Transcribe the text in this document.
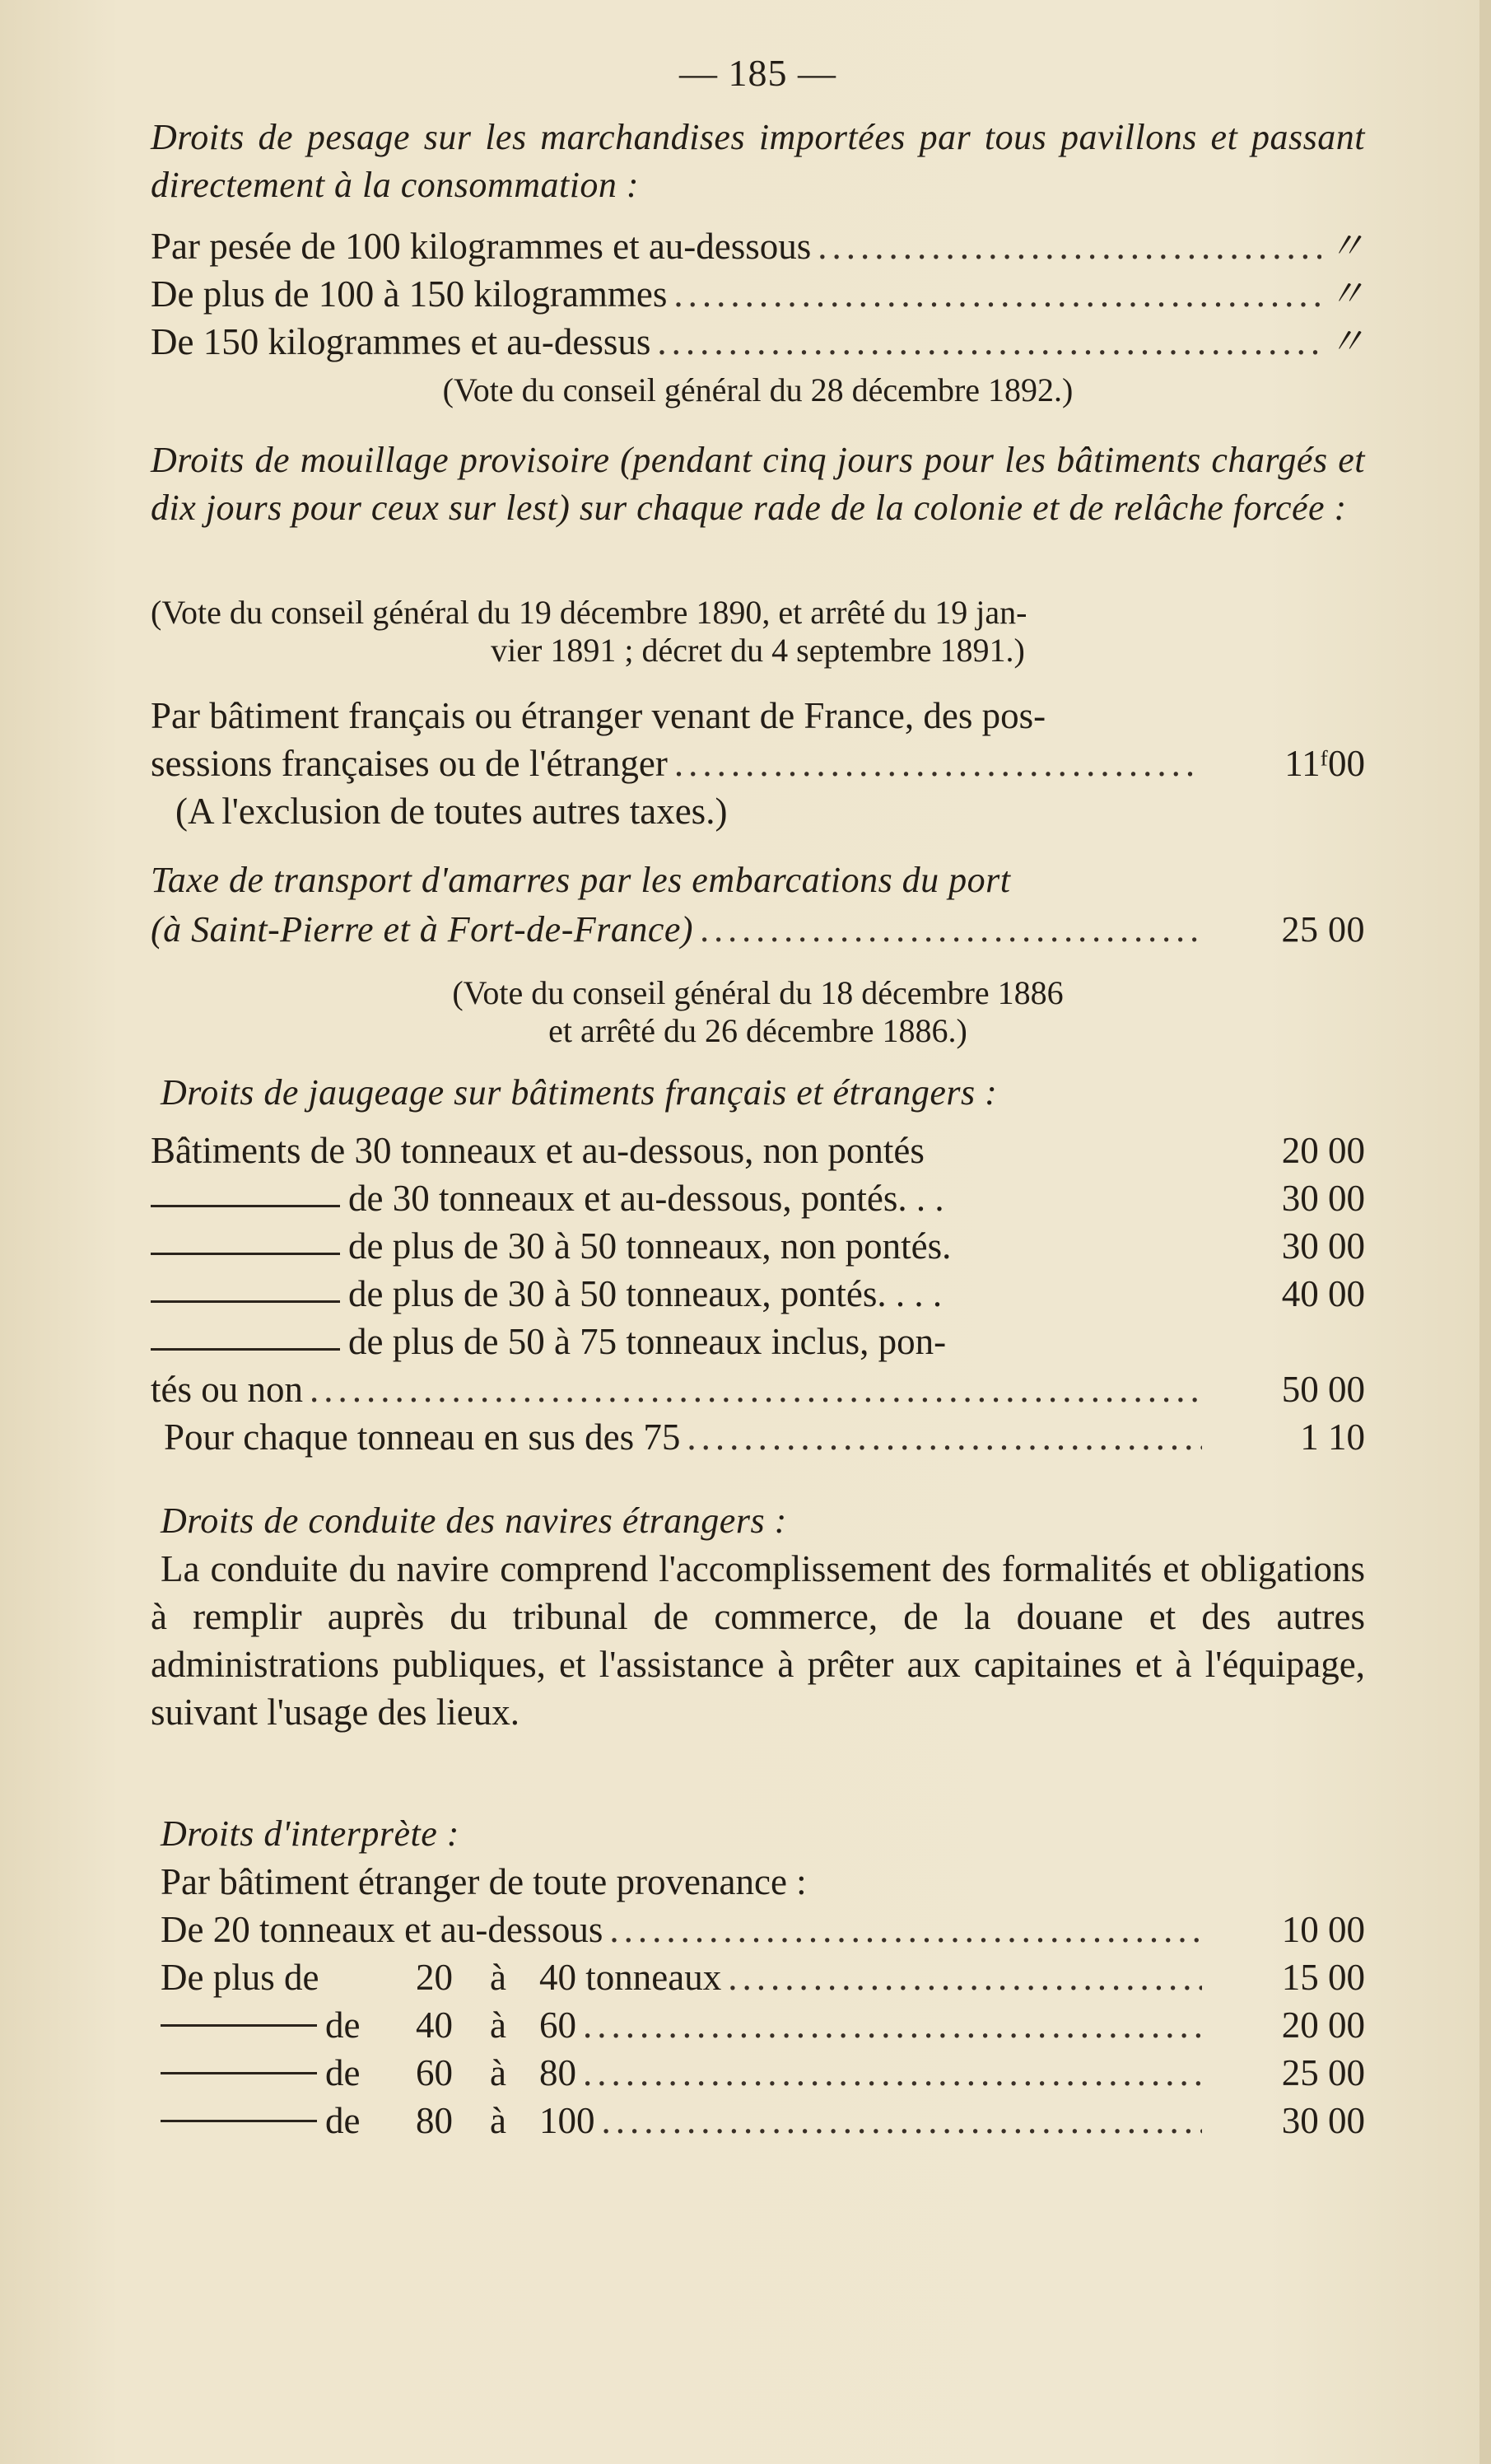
— 185 —
Droits de pesage sur les marchandises importées par tous pavillons et passant directement à la consommation :
Par pesée de 100 kilogrammes et au-dessous .....	〃
De plus de 100 à 150 kilogrammes .....	〃
De 150 kilogrammes et au-dessus .....	〃
(Vote du conseil général du 28 décembre 1892.)
Droits de mouillage provisoire (pendant cinq jours pour les bâtiments chargés et dix jours pour ceux sur lest) sur chaque rade de la colonie et de relâche forcée :
(Vote du conseil général du 19 décembre 1890, et arrêté du 19 jan-
vier 1891 ; décret du 4 septembre 1891.)
Par bâtiment français ou étranger venant de France, des pos-
sessions françaises ou de l'étranger .....	11ᶠ00
(A l'exclusion de toutes autres taxes.)
Taxe de transport d'amarres par les embarcations du port
(à Saint-Pierre et à Fort-de-France) .....	25 00
(Vote du conseil général du 18 décembre 1886
et arrêté du 26 décembre 1886.)
Droits de jaugeage sur bâtiments français et étrangers :
Bâtiments de 30 tonneaux et au-dessous, non pontés	20 00
de 30 tonneaux et au-dessous, pontés. . .	30 00
de plus de 30 à 50 tonneaux, non pontés.	30 00
de plus de 30 à 50 tonneaux, pontés. . . .	40 00
de plus de 50 à 75 tonneaux inclus, pon-
tés ou non .....	50 00
Pour chaque tonneau en sus des 75 .....	1 10
Droits de conduite des navires étrangers :
La conduite du navire comprend l'accomplissement des formalités et obligations à remplir auprès du tribunal de commerce, de la douane et des autres administrations publiques, et l'assistance à prêter aux capitaines et à l'équipage, suivant l'usage des lieux.
Droits d'interprète :
Par bâtiment étranger de toute provenance :
De 20 tonneaux et au-dessous .....	10 00
De plus de	20	à 40 tonneaux .....	15 00
de	40	à 60 .....	20 00
de	60	à 80 .....	25 00
de	80	à 100 .....	30 00
